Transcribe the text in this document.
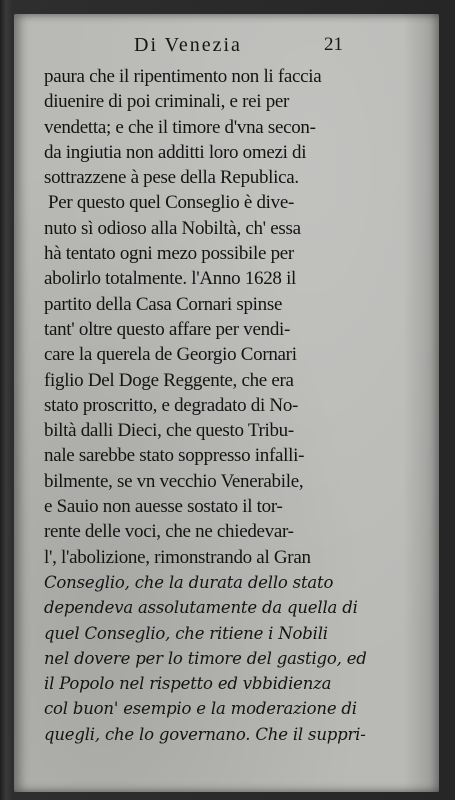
Di Venezia	21
paura che il ripentimento non li faccia
diuenire di poi criminali, e rei per
vendetta; e che il timore d'vna secon-
da ingiutia non additti loro omezi di
sottrazzene à pese della Republica.
Per questo quel Conseglio è dive-
nuto sì odioso alla Nobiltà, ch' essa
hà tentato ogni mezo possibile per
abolirlo totalmente. l'Anno 1628 il
partito della Casa Cornari spinse
tant' oltre questo affare per vendi-
care la querela de Georgio Cornari
figlio Del Doge Reggente, che era
stato proscritto, e degradato di No-
biltà dalli Dieci, che questo Tribu-
nale sarebbe stato soppresso infalli-
bilmente, se vn vecchio Venerabile,
e Sauio non auesse sostato il tor-
rente delle voci, che ne chiedevar-
l', l'abolizione, rimonstrando al Gran
Conseglio, che la durata dello stato
dependeva assolutamente da quella di
quel Conseglio, che ritiene i Nobili
nel dovere per lo timore del gastigo, ed
il Popolo nel rispetto ed vbbidienza
col buon' esempio e la moderazione di
quegli, che lo governano. Che il suppri-
